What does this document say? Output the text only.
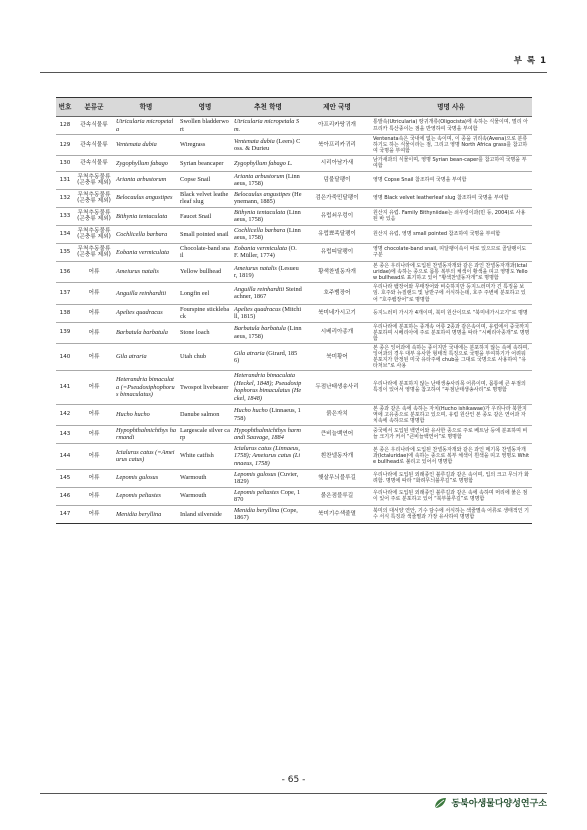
부 록 1
번호	분류군	학명	영명	추천 학명	제안 국명	명명 사유
128	관속식물류	Utricularia micropetala	Swollen bladderwort	Utricularia micropetala Sm.	아프리카땅귀개	통발속(Utricularia) 땅귀개류(Oligocista)에 속하는 식물이며, 멀리 아프리카 특산종이는 점을 반영하여 국명을 부여함
129	관속식물류	Ventenata dubia	Wiregrass	Ventenata dubia (Leers) Coss. & Durieu	북아프리카귀리	Ventenata속은 국내에 없는 속이며, 이 종을 귀리속(Avena)으로 분류하기도 하는 식물이라는 점, 그리고 영명 North Africa grass를 참고하여 국명을 부여함
130	관속식물류	Zygophyllum fabago	Syrian beancaper	Zygophyllum fabago L.	시리아남가새	남가새과의 식물이며, 영명 Syrian bean-caper를 참고하여 국명을 부여함
131	무척추동물류(곤충류 제외)	Arianta arbustorum	Copse Snail	Arianta arbustorum (Linnaeus, 1758)	덤불달팽이	영명 Copse Snail 참조하여 국명을 부여함
132	무척추동물류(곤충류 제외)	Belocaulus angustipes	Black velvet leatherleaf slug	Belocaulus angustipes (Heynemann, 1885)	검은가죽민달팽이	영명 Black velvet leatherleaf slug 참조하여 국명을 부여함
133	무척추동물류(곤충류 제외)	Bithynia tentaculata	Faucet Snail	Bithynia tentaculata (Linnaeus, 1758)	유럽쇠우렁이	원산지 유럽. Family Bithyniidae는 쇠우렁이과(민 등, 2004)로 사용된 바 있음
134	무척추동물류(곤충류 제외)	Cochlicella barbara	Small pointed snail	Cochlicella barbara (Linnaeus, 1758)	유럽뾰족달팽이	원산지 유럽, 영명 small pointed 참조하여 국명을 부여함
135	무척추동물류(곤충류 제외)	Eobania vermiculata	Chocolate-band snail	Eobania vermiculata (O. F. Müller, 1774)	유럽띠달팽이	영명 chocolate-band snail, 띠달팽이속이 따로 있으므로 골달팽이도 구분
136	어류	Ameiurus natalis	Yellow bullhead	Ameiurus natalis (Lesueur, 1819)	황색찬넬동자개	본 종은 우리나라에 도입된 찬넬동자개와 같은 과인 찬넬동자개과(Ictaluridae)에 속하는 종으로 몸통 복부의 체색이 황색을 띠고 영명도 Yellow bullhead로 표기하고 있어 “황색찬넬동자개”로 명명함
137	어류	Anguilla reinhardtii	Longfin eel	Anguilla reinhardtii Steindachner, 1867	호주뱀장어	우리나라 뱀장어와 무태장어와 비슷하지만 등지느러미가 긴 특징을 보임. 호주와 뉴질랜드 및 남반구에 서식하는데, 호주 주변에 분포하고 있어 “호주뱀장어”로 명명함
138	어류	Apeltes quadracus	Fourspine stickleback	Apeltes quadracus (Mitchill, 1815)	북미네가시고기	등지느러미 가시가 4개이며, 북미 원산이므로 “북미네가시고기”로 명명
139	어류	Barbatula barbatula	Stone loach	Barbatula barbatula (Linnaeus, 1758)	시베리아종개	우리나라에 분포하는 종개속 어류 2종과 같은속이며, 유럽에서 중국까지 분포하며 시베리아에 주로 분포하여 명명을 따라 “시베리아종개”로 명명함
140	어류	Gila atraria	Utah chub	Gila atraria (Girard, 1856)	북미황어	본 종은 잉어과에 속하는 종이지만 국내에는 분포하지 않는 속에 속하며, 잉어과의 경우 대부 유사한 형태적 특징으로 국명을 부여하기가 어려워 분포지가 한정된 미국 유타주에 chub을 그대로 국명으로 사용하여 “유타처브”로 사용
141	어류	Heterandria bimaculata (=Pseudoxiphophorus bimaculatus)	Twospot livebearer	Heterandria bimaculata (Heckel, 1848); Pseudoxiphophorus bimaculatus (Heckel, 1848)	두점난태생송사리	우리나라에 분포하지 않는 난태생송사리목 어류이며, 몸통에 큰 두점의 특징이 있어서 영명을 참고하여 “두점난태생송사리”로 명명함
142	어류	Hucho hucho	Danube salmon	Hucho hucho (Linnaeus, 1758)	붉은자치	본 종과 같은 속에 속하는 자치(Hucho ishikawae)가 우리나라 북한지역에 고유종으로 분포하고 있으며, 유럽 원산인 본 종도 같은 연어과 자치속에 속하므로 명명함
143	어류	Hypophthalmichthys harmandi	Largescale silver carp	Hypophthalmichthys harmandi Sauvage, 1884	큰비늘백연어	중국에서 도입된 백연어와 유사한 종으로 주로 베트남 등에 분포하며 비늘 크기가 커서 “큰비늘백연어”로 명명함
144	어류	Ictalurus catus (=Ameiurus catus)	White catfish	Ictalurus catus (Linnaeus, 1758); Ameiurus catus (Linnaeus, 1758)	흰찬넬동자개	본 종은 우리나라에 도입된 찬넬동자개와 같은 과인 메기목 찬넬동자개과(Ictaluridae)에 속하는 종으로 복부 체색이 흰색을 띠고 영명도 White bullhead로 불리고 있어서 명명함
145	어류	Lepomis gulosus	Warmouth	Lepomis gulosus (Cuvier, 1829)	햇살무늬블루길	우리나라에 도입된 외래종인 블루길과 같은 속이며, 입의 크고 무늬가 화려함. 명명에 따라 “화려무늬블루길”로 명명함
146	어류	Lepomis peltastes	Warmouth	Lepomis peltastes Cope, 1870	붉은점블루길	우리나라에 도입된 외래종인 블루길과 같은 속에 속하며 머리에 붉은 점이 있어 주로 분포하고 있어 “북부블루길”로 명명함
147	어류	Menidia beryllina	Inland silverside	Menidia beryllina (Cope, 1867)	북미기수색줄멸	북미의 대서양 연안, 기수 담수에 서식하는 색줄멸속 어류로 생태적인 기수 서식 특징과 색줄멸과 가장 유사하여 명명함
- 65 -
동북아생물다양성연구소
